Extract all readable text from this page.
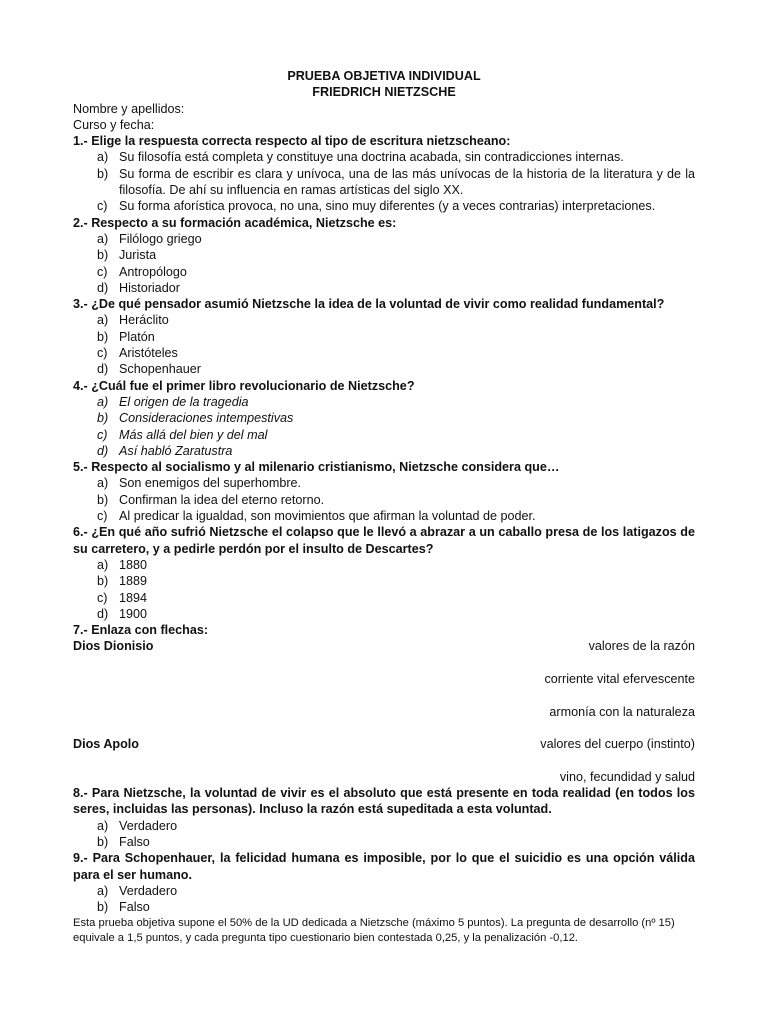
PRUEBA OBJETIVA INDIVIDUAL
FRIEDRICH NIETZSCHE
Nombre y apellidos:
Curso y fecha:
1.- Elige la respuesta correcta respecto al tipo de escritura nietzscheano:
a) Su filosofía está completa y constituye una doctrina acabada, sin contradicciones internas.
b) Su forma de escribir es clara y unívoca, una de las más unívocas de la historia de la literatura y de la filosofía. De ahí su influencia en ramas artísticas del siglo XX.
c) Su forma aforística provoca, no una, sino muy diferentes (y a veces contrarias) interpretaciones.
2.- Respecto a su formación académica, Nietzsche es:
a) Filólogo griego
b) Jurista
c) Antropólogo
d) Historiador
3.- ¿De qué pensador asumió Nietzsche la idea de la voluntad de vivir como realidad fundamental?
a) Heráclito
b) Platón
c) Aristóteles
d) Schopenhauer
4.- ¿Cuál fue el primer libro revolucionario de Nietzsche?
a) El origen de la tragedia
b) Consideraciones intempestivas
c) Más allá del bien y del mal
d) Así habló Zaratustra
5.- Respecto al socialismo y al milenario cristianismo, Nietzsche considera que…
a) Son enemigos del superhombre.
b) Confirman la idea del eterno retorno.
c) Al predicar la igualdad, son movimientos que afirman la voluntad de poder.
6.- ¿En qué año sufrió Nietzsche el colapso que le llevó a abrazar a un caballo presa de los latigazos de su carretero, y a pedirle perdón por el insulto de Descartes?
a) 1880
b) 1889
c) 1894
d) 1900
7.- Enlaza con flechas:
Dios Dionisio	valores de la razón
corriente vital efervescente
armonía con la naturaleza
Dios Apolo	valores del cuerpo (instinto)
vino, fecundidad y salud
8.- Para Nietzsche, la voluntad de vivir es el absoluto que está presente en toda realidad (en todos los seres, incluidas las personas). Incluso la razón está supeditada a esta voluntad.
a) Verdadero
b) Falso
9.- Para Schopenhauer, la felicidad humana es imposible, por lo que el suicidio es una opción válida para el ser humano.
a) Verdadero
b) Falso
Esta prueba objetiva supone el 50% de la UD dedicada a Nietzsche (máximo 5 puntos). La pregunta de desarrollo (nº 15) equivale a 1,5 puntos, y cada pregunta tipo cuestionario bien contestada 0,25, y la penalización -0,12.
